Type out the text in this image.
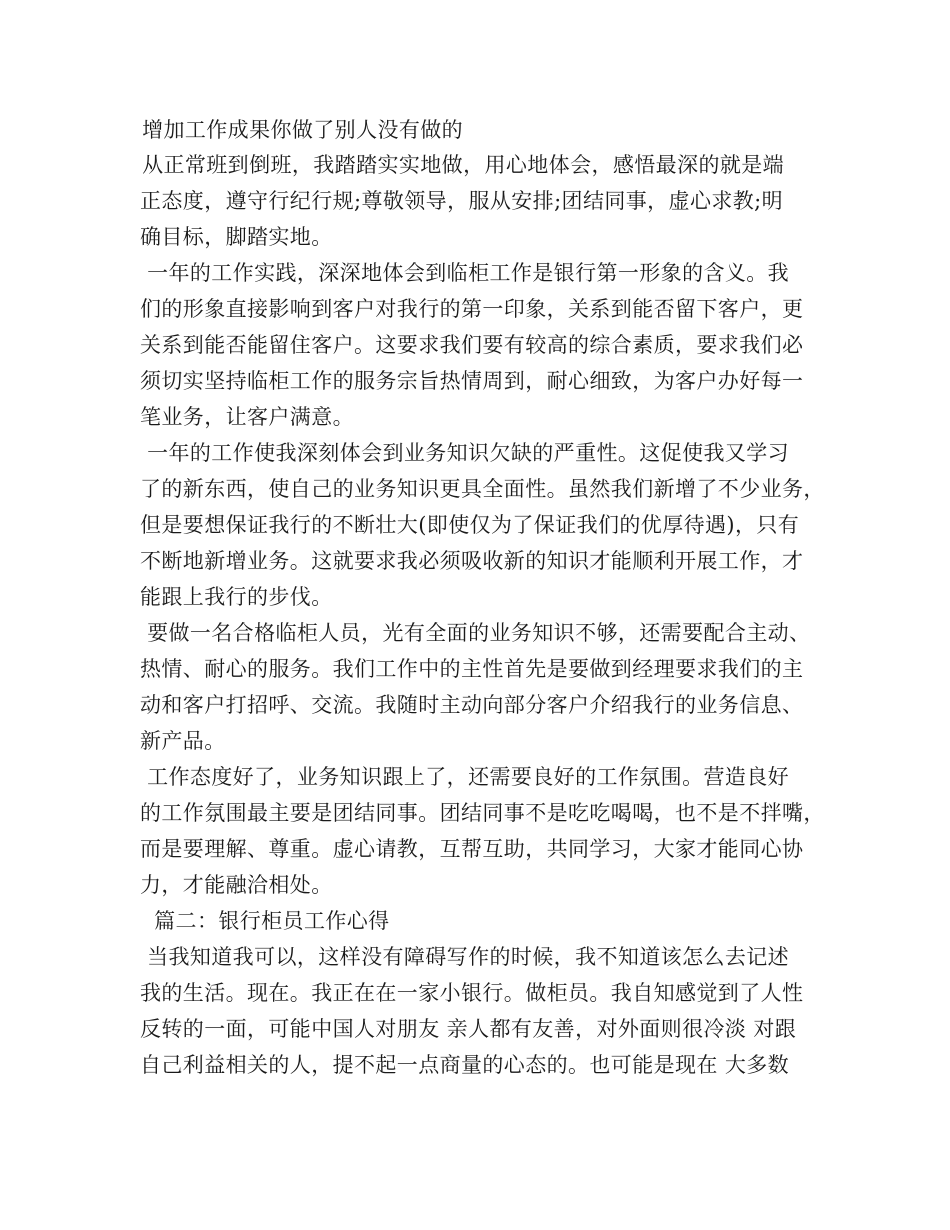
增加工作成果你做了别人没有做的
从正常班到倒班，我踏踏实实地做，用心地体会，感悟最深的就是端
正态度，遵守行纪行规;尊敬领导，服从安排;团结同事，虚心求教;明
确目标，脚踏实地。
一年的工作实践，深深地体会到临柜工作是银行第一形象的含义。我
们的形象直接影响到客户对我行的第一印象，关系到能否留下客户，更
关系到能否能留住客户。这要求我们要有较高的综合素质，要求我们必
须切实坚持临柜工作的服务宗旨热情周到，耐心细致，为客户办好每一
笔业务，让客户满意。
一年的工作使我深刻体会到业务知识欠缺的严重性。这促使我又学习
了的新东西，使自己的业务知识更具全面性。虽然我们新增了不少业务，
但是要想保证我行的不断壮大(即使仅为了保证我们的优厚待遇)，只有
不断地新增业务。这就要求我必须吸收新的知识才能顺利开展工作，才
能跟上我行的步伐。
要做一名合格临柜人员，光有全面的业务知识不够，还需要配合主动、
热情、耐心的服务。我们工作中的主性首先是要做到经理要求我们的主
动和客户打招呼、交流。我随时主动向部分客户介绍我行的业务信息、
新产品。
工作态度好了，业务知识跟上了，还需要良好的工作氛围。营造良好
的工作氛围最主要是团结同事。团结同事不是吃吃喝喝，也不是不拌嘴，
而是要理解、尊重。虚心请教，互帮互助，共同学习，大家才能同心协
力，才能融洽相处。
篇二：银行柜员工作心得
当我知道我可以，这样没有障碍写作的时候，我不知道该怎么去记述
我的生活。现在。我正在在一家小银行。做柜员。我自知感觉到了人性
反转的一面，可能中国人对朋友 亲人都有友善，对外面则很冷淡 对跟
自己利益相关的人，提不起一点商量的心态的。也可能是现在 大多数
